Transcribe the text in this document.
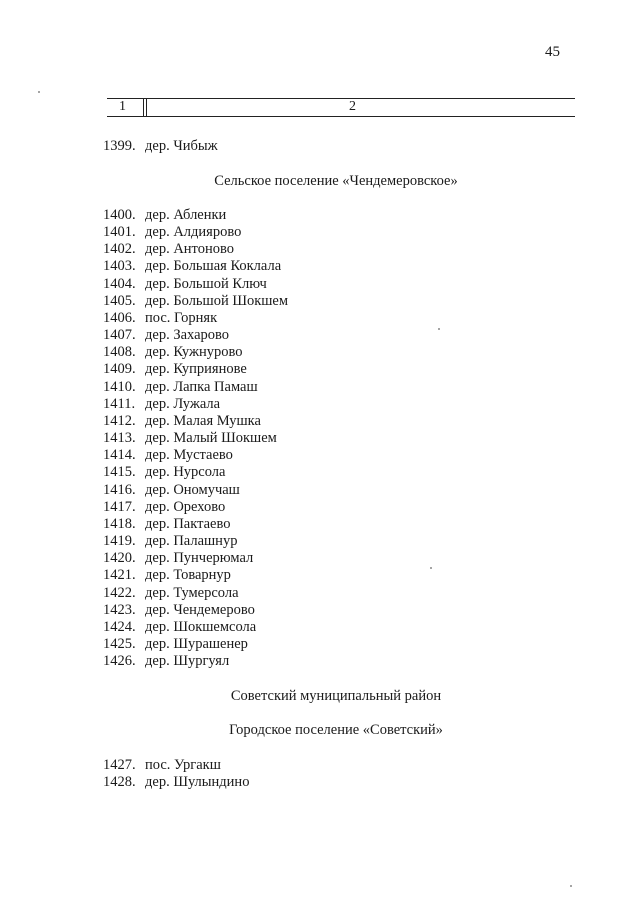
45
1	2
1399. дер. Чибыж
Сельское поселение «Чендемеровское»
1400. дер. Абленки
1401. дер. Алдиярово
1402. дер. Антоново
1403. дер. Большая Коклала
1404. дер. Большой Ключ
1405. дер. Большой Шокшем
1406. пос. Горняк
1407. дер. Захарово
1408. дер. Кужнурово
1409. дер. Куприянове
1410. дер. Лапка Памаш
1411. дер. Лужала
1412. дер. Малая Мушка
1413. дер. Малый Шокшем
1414. дер. Мустаево
1415. дер. Нурсола
1416. дер. Ономучаш
1417. дер. Орехово
1418. дер. Пактаево
1419. дер. Палашнур
1420. дер. Пунчерюмал
1421. дер. Товарнур
1422. дер. Тумерсола
1423. дер. Чендемерово
1424. дер. Шокшемсола
1425. дер. Шурашенер
1426. дер. Шургуял
Советский муниципальный район
Городское поселение «Советский»
1427. пос. Ургакш
1428. дер. Шулындино
